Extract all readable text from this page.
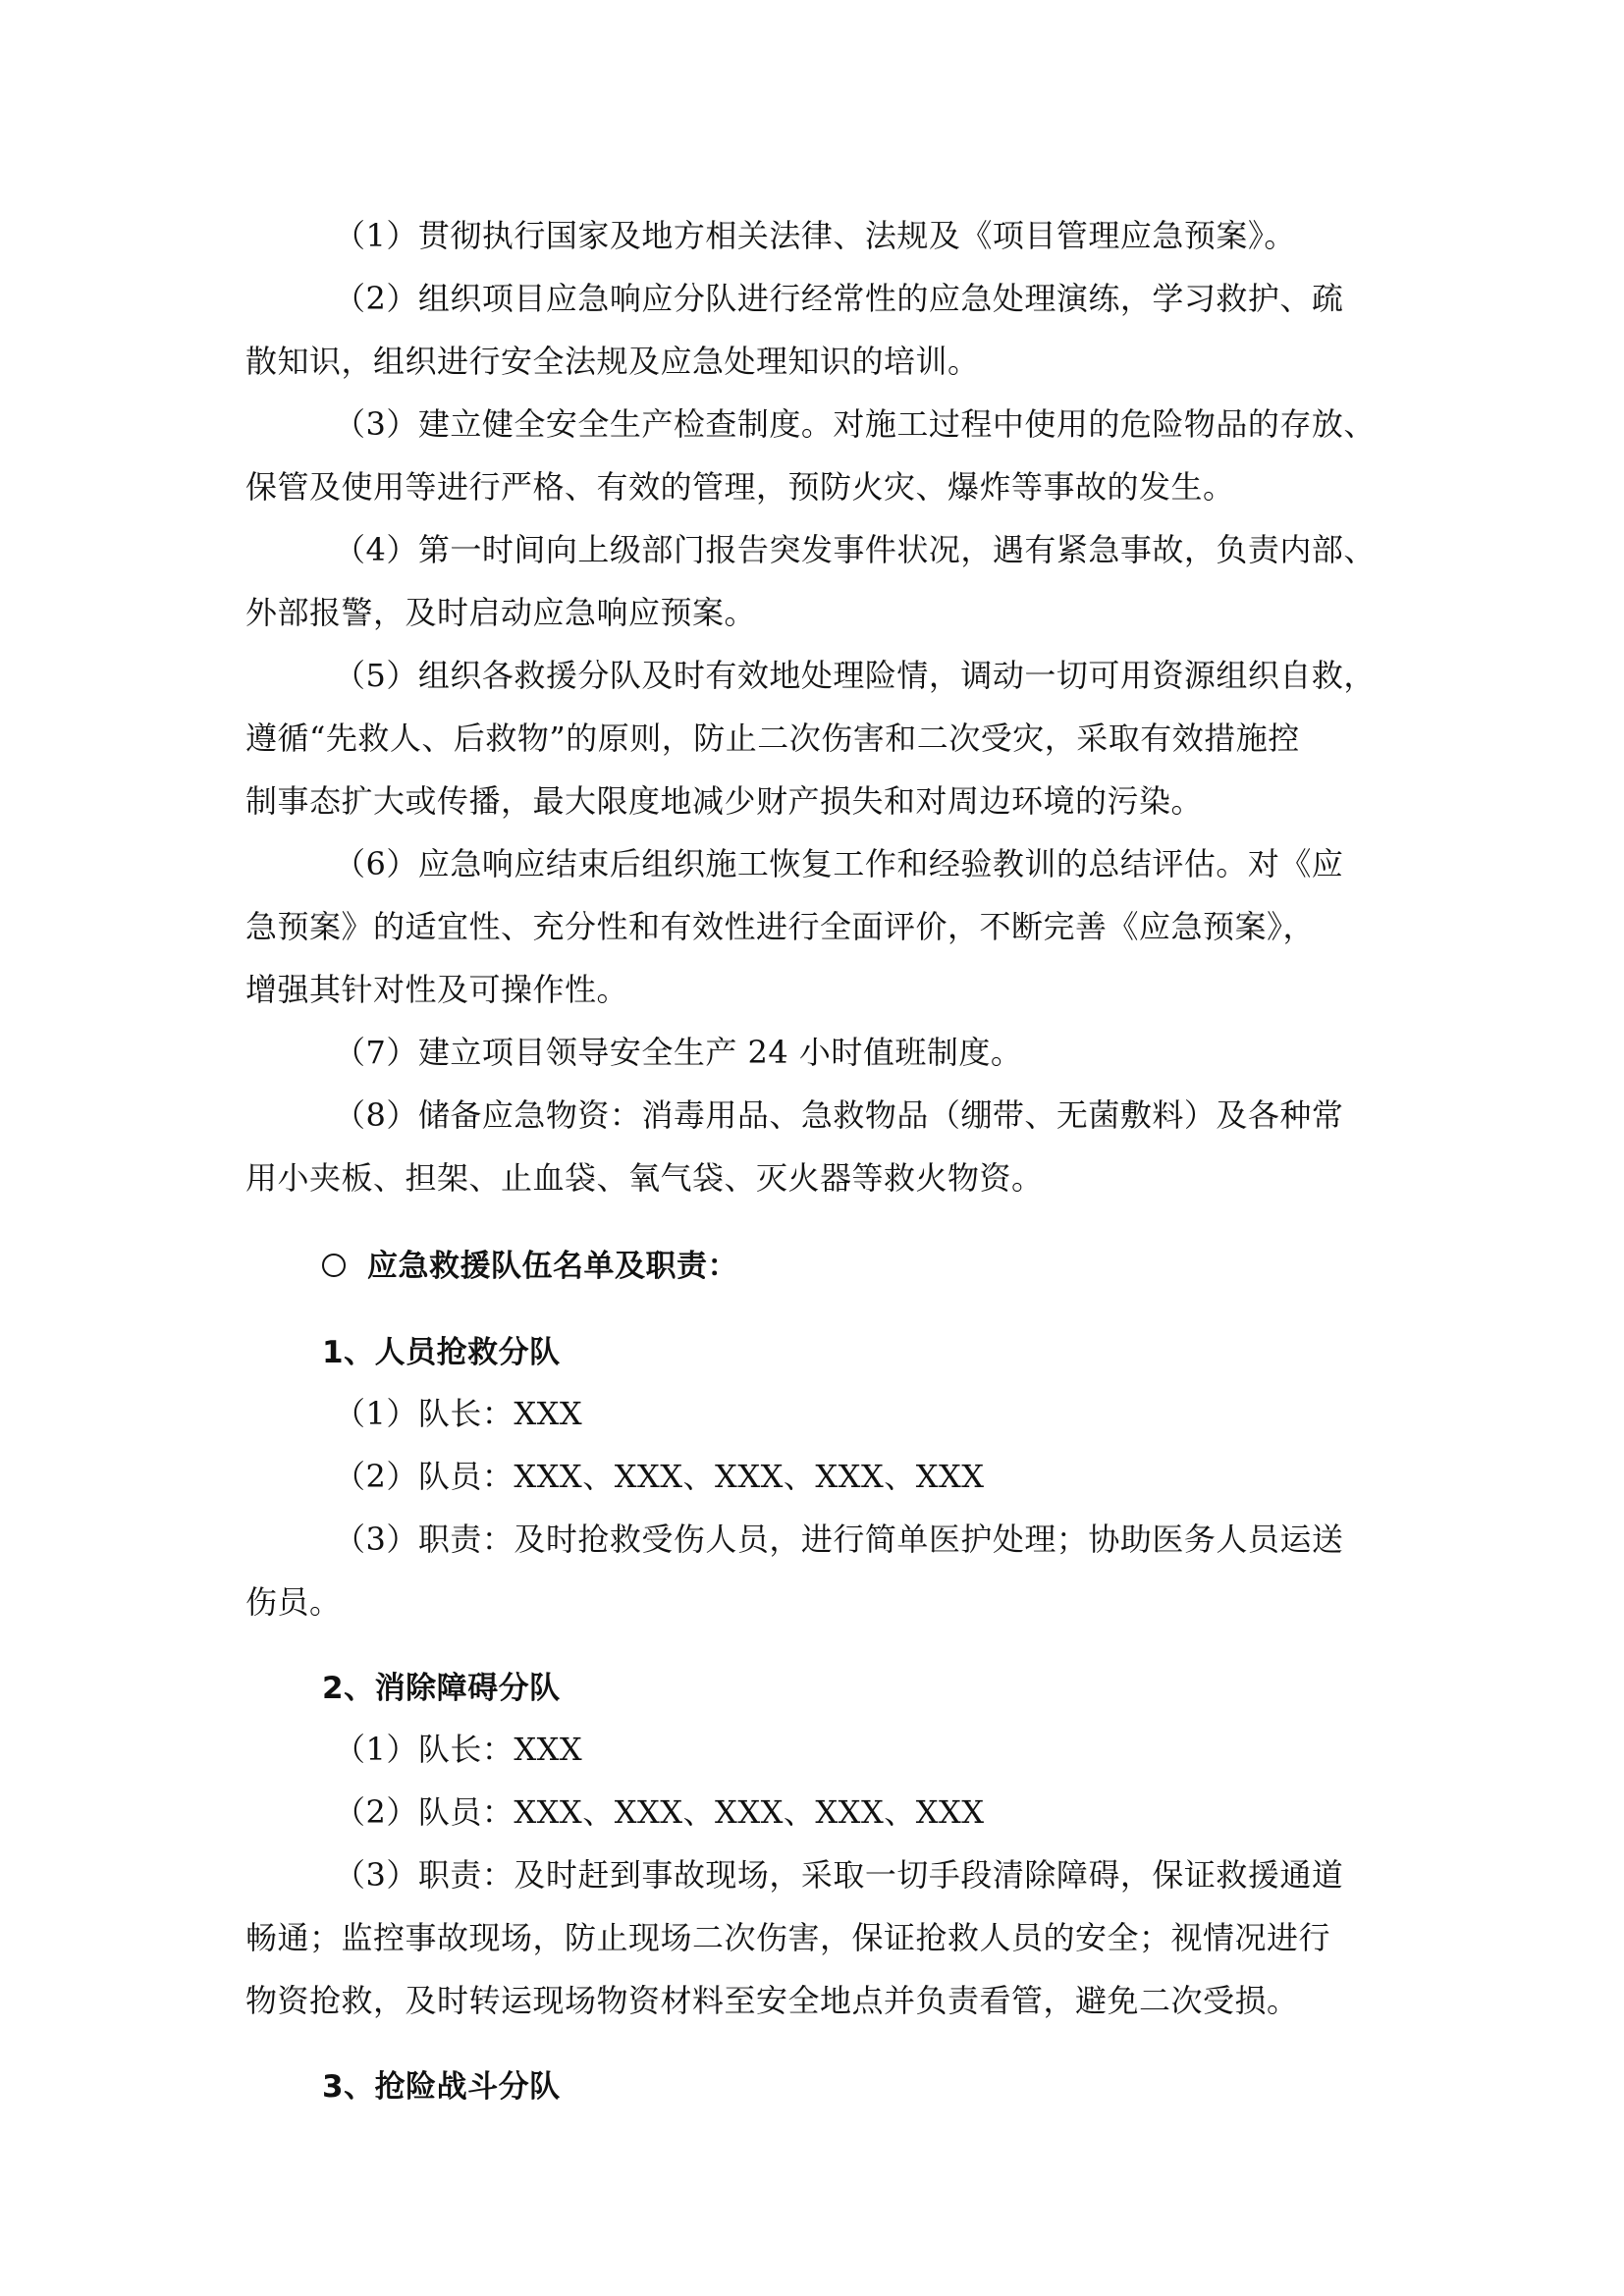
（1）贯彻执行国家及地方相关法律、法规及《项目管理应急预案》。
（2）组织项目应急响应分队进行经常性的应急处理演练，学习救护、疏
散知识，组织进行安全法规及应急处理知识的培训。
（3）建立健全安全生产检查制度。对施工过程中使用的危险物品的存放、
保管及使用等进行严格、有效的管理，预防火灾、爆炸等事故的发生。
（4）第一时间向上级部门报告突发事件状况，遇有紧急事故，负责内部、
外部报警，及时启动应急响应预案。
（5）组织各救援分队及时有效地处理险情，调动一切可用资源组织自救，
遵循“先救人、后救物”的原则，防止二次伤害和二次受灾，采取有效措施控
制事态扩大或传播，最大限度地减少财产损失和对周边环境的污染。
（6）应急响应结束后组织施工恢复工作和经验教训的总结评估。对《应
急预案》的适宜性、充分性和有效性进行全面评价，不断完善《应急预案》，
增强其针对性及可操作性。
（7）建立项目领导安全生产 24 小时值班制度。
（8）储备应急物资：消毒用品、急救物品（绷带、无菌敷料）及各种常
用小夹板、担架、止血袋、氧气袋、灭火器等救火物资。
应急救援队伍名单及职责：
1、人员抢救分队
（1）队长：XXX
（2）队员：XXX、XXX、XXX、XXX、XXX
（3）职责：及时抢救受伤人员，进行简单医护处理；协助医务人员运送
伤员。
2、消除障碍分队
（1）队长：XXX
（2）队员：XXX、XXX、XXX、XXX、XXX
（3）职责：及时赶到事故现场，采取一切手段清除障碍，保证救援通道
畅通；监控事故现场，防止现场二次伤害，保证抢救人员的安全；视情况进行
物资抢救，及时转运现场物资材料至安全地点并负责看管，避免二次受损。
3、抢险战斗分队
